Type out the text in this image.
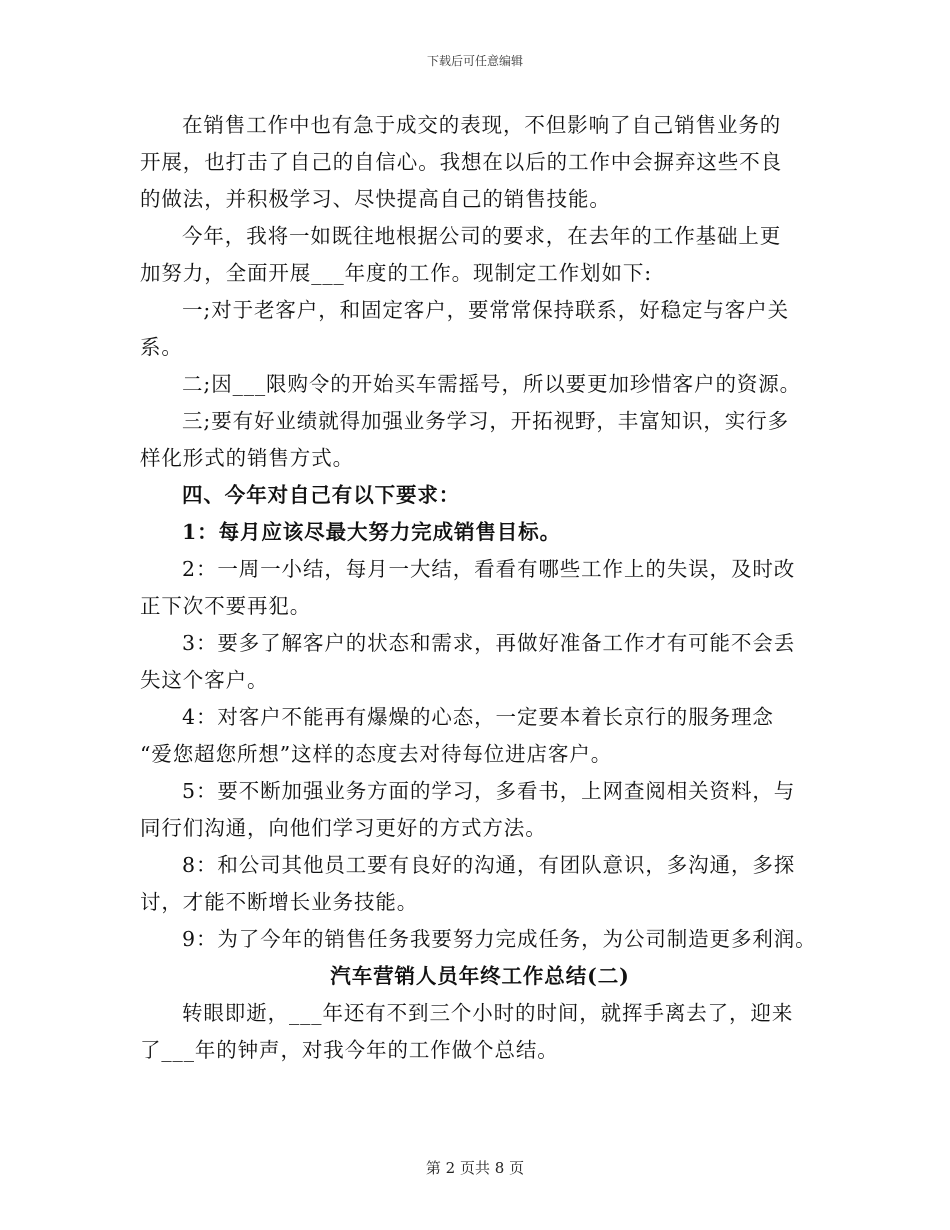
下载后可任意编辑
在销售工作中也有急于成交的表现，不但影响了自己销售业务的
开展，也打击了自己的自信心。我想在以后的工作中会摒弃这些不良
的做法，并积极学习、尽快提高自己的销售技能。
今年，我将一如既往地根据公司的要求，在去年的工作基础上更
加努力，全面开展___年度的工作。现制定工作划如下:
一;对于老客户，和固定客户，要常常保持联系，好稳定与客户关
系。
二;因___限购令的开始买车需摇号，所以要更加珍惜客户的资源。
三;要有好业绩就得加强业务学习，开拓视野，丰富知识，实行多
样化形式的销售方式。
四、今年对自己有以下要求：
1：每月应该尽最大努力完成销售目标。
2：一周一小结，每月一大结，看看有哪些工作上的失误，及时改
正下次不要再犯。
3：要多了解客户的状态和需求，再做好准备工作才有可能不会丢
失这个客户。
4：对客户不能再有爆燥的心态，一定要本着长京行的服务理念
“爱您超您所想”这样的态度去对待每位进店客户。
5：要不断加强业务方面的学习，多看书，上网查阅相关资料，与
同行们沟通，向他们学习更好的方式方法。
8：和公司其他员工要有良好的沟通，有团队意识，多沟通，多探
讨，才能不断增长业务技能。
9：为了今年的销售任务我要努力完成任务，为公司制造更多利润。
汽车营销人员年终工作总结(二)
转眼即逝，___年还有不到三个小时的时间，就挥手离去了，迎来
了___年的钟声，对我今年的工作做个总结。
第 2 页共 8 页
